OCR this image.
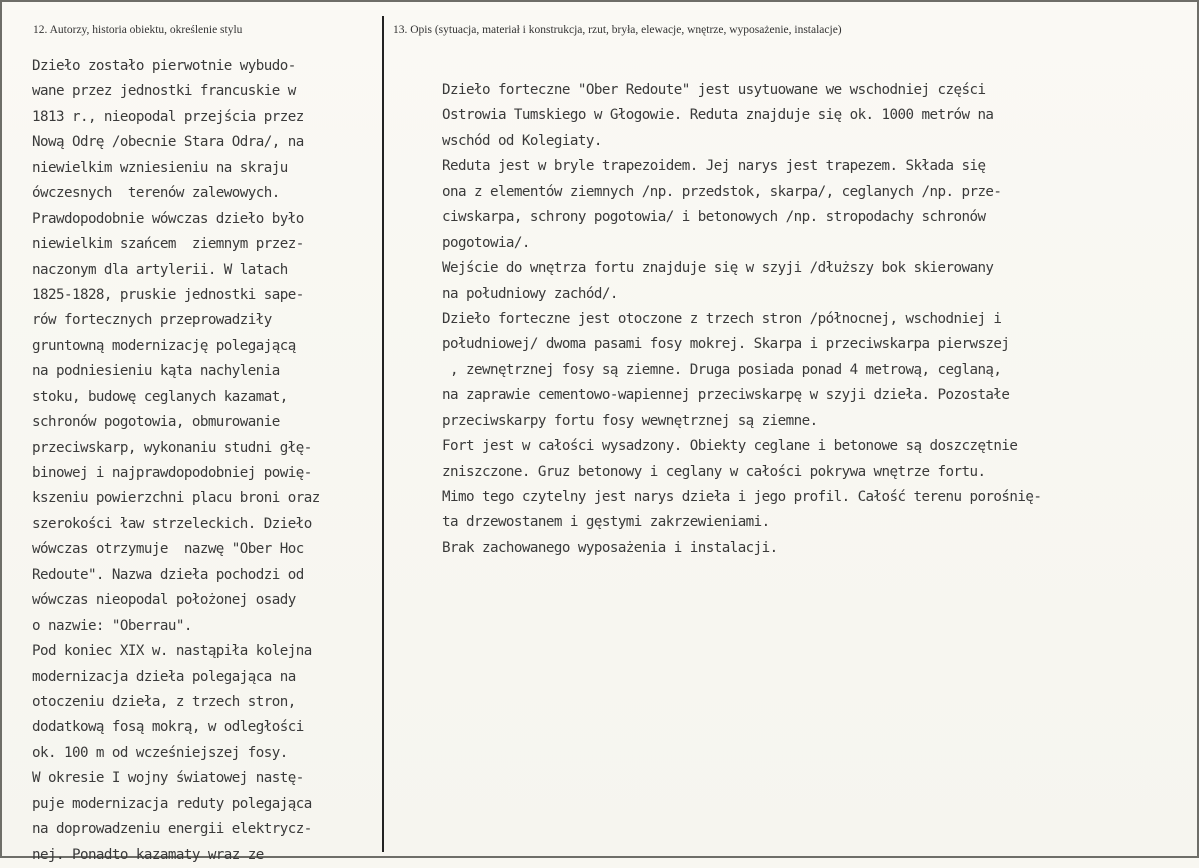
12. Autorzy, historia obiektu, określenie stylu	13. Opis (sytuacja, materiał i konstrukcja, rzut, bryła, elewacje, wnętrze, wyposażenie, instalacje)
Dzieło zostało pierwotnie wybudo-
wane przez jednostki francuskie w
1813 r., nieopodal przejścia przez
Nową Odrę /obecnie Stara Odra/, na
niewielkim wzniesieniu na skraju
ówczesnych  terenów zalewowych.
Prawdopodobnie wówczas dzieło było
niewielkim szańcem  ziemnym przez-
naczonym dla artylerii. W latach
1825-1828, pruskie jednostki sape-
rów fortecznych przeprowadziły
gruntowną modernizację polegającą
na podniesieniu kąta nachylenia
stoku, budowę ceglanych kazamat,
schronów pogotowia, obmurowanie
przeciwskarp, wykonaniu studni głę-
binowej i najprawdopodobniej powię-
kszeniu powierzchni placu broni oraz
szerokości ław strzeleckich. Dzieło
wówczas otrzymuje  nazwę "Ober Hoc
Redoute". Nazwa dzieła pochodzi od
wówczas nieopodal położonej osady
o nazwie: "Oberrau".
Pod koniec XIX w. nastąpiła kolejna
modernizacja dzieła polegająca na
otoczeniu dzieła, z trzech stron,
dodatkową fosą mokrą, w odległości
ok. 100 m od wcześniejszej fosy.
W okresie I wojny światowej nastę-
puje modernizacja reduty polegająca
na doprowadzeniu energii elektrycz-
nej. Ponadto kazamaty wraz ze
Dzieło forteczne "Ober Redoute" jest usytuowane we wschodniej części
Ostrowia Tumskiego w Głogowie. Reduta znajduje się ok. 1000 metrów na
wschód od Kolegiaty.
Reduta jest w bryle trapezoidem. Jej narys jest trapezem. Składa się
ona z elementów ziemnych /np. przedstok, skarpa/, ceglanych /np. prze-
ciwskarpa, schrony pogotowia/ i betonowych /np. stropodachy schronów
pogotowia/.
Wejście do wnętrza fortu znajduje się w szyji /dłuższy bok skierowany
na południowy zachód/.
Dzieło forteczne jest otoczone z trzech stron /północnej, wschodniej i
południowej/ dwoma pasami fosy mokrej. Skarpa i przeciwskarpa pierwszej
, zewnętrznej fosy są ziemne. Druga posiada ponad 4 metrową, ceglaną,
na zaprawie cementowo-wapiennej przeciwskarpę w szyji dzieła. Pozostałe
przeciwskarpy fortu fosy wewnętrznej są ziemne.
Fort jest w całości wysadzony. Obiekty ceglane i betonowe są doszczętnie
zniszczone. Gruz betonowy i ceglany w całości pokrywa wnętrze fortu.
Mimo tego czytelny jest narys dzieła i jego profil. Całość terenu porośnię-
ta drzewostanem i gęstymi zakrzewieniami.
Brak zachowanego wyposażenia i instalacji.
